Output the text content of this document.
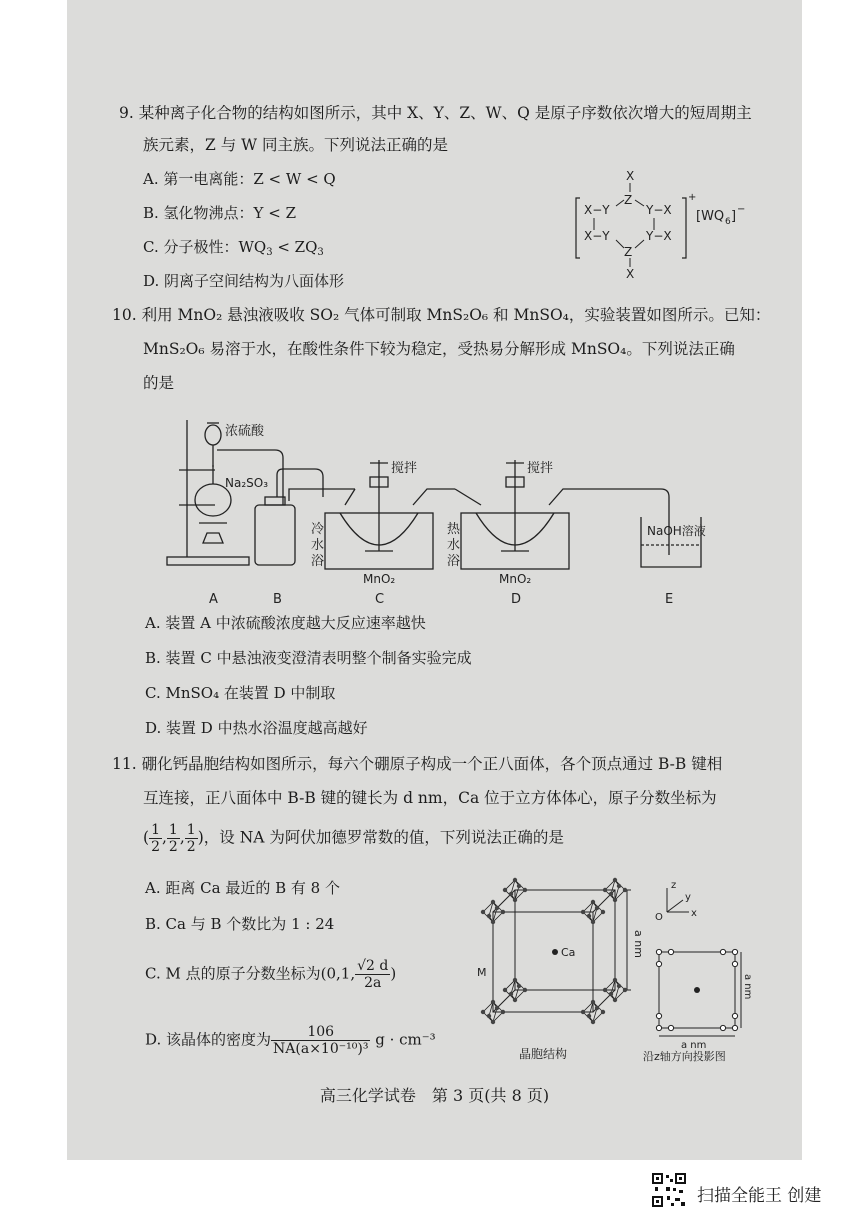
9. 某种离子化合物的结构如图所示，其中 X、Y、Z、W、Q 是原子序数依次增大的短周期主
族元素，Z 与 W 同主族。下列说法正确的是
A. 第一电离能：Z < W < Q
B. 氢化物沸点：Y < Z
C. 分子极性：$WQ_3 < ZQ_3$
D. 阴离子空间结构为八面体形
X
X−Y
Z
Y−X
X−Y	Y−X
Z
X
+
[WQ 6 ] −
10. 利用 MnO₂ 悬浊液吸收 SO₂ 气体可制取 MnS₂O₆ 和 MnSO₄，实验装置如图所示。已知：
MnS₂O₆ 易溶于水，在酸性条件下较为稳定，受热易分解形成 MnSO₄。下列说法正确
的是
浓硫酸
Na₂SO₃
搅拌	搅拌
冷
水
浴
热
水
浴
MnO₂	MnO₂
NaOH溶液
A	B	C	D	E
A. 装置 A 中浓硫酸浓度越大反应速率越快
B. 装置 C 中悬浊液变澄清表明整个制备实验完成
C. MnSO₄ 在装置 D 中制取
D. 装置 D 中热水浴温度越高越好
11. 硼化钙晶胞结构如图所示，每六个硼原子构成一个正八面体，各个顶点通过 B-B 键相
互连接，正八面体中 B-B 键的键长为 d nm，Ca 位于立方体体心，原子分数坐标为
( $\frac{1}{2}$ , $\frac{1}{2}$ , $\frac{1}{2}$ )，设 NA 为阿伏加德罗常数的值，下列说法正确的是
A. 距离 Ca 最近的 B 有 8 个
B. Ca 与 B 个数比为 1 : 24
C. M 点的原子分数坐标为(0,1, $\frac{√2 d}{2a}$ )
D. 该晶体的密度为 $\frac{106}{\text{NA(a×10⁻¹⁰)³}}$ g · cm⁻³
Ca
M
a nm
晶胞结构
z
y
x
O
a nm
a nm
沿z轴方向投影图
高三化学试卷　第 3 页(共 8 页)
扫描全能王 创建
